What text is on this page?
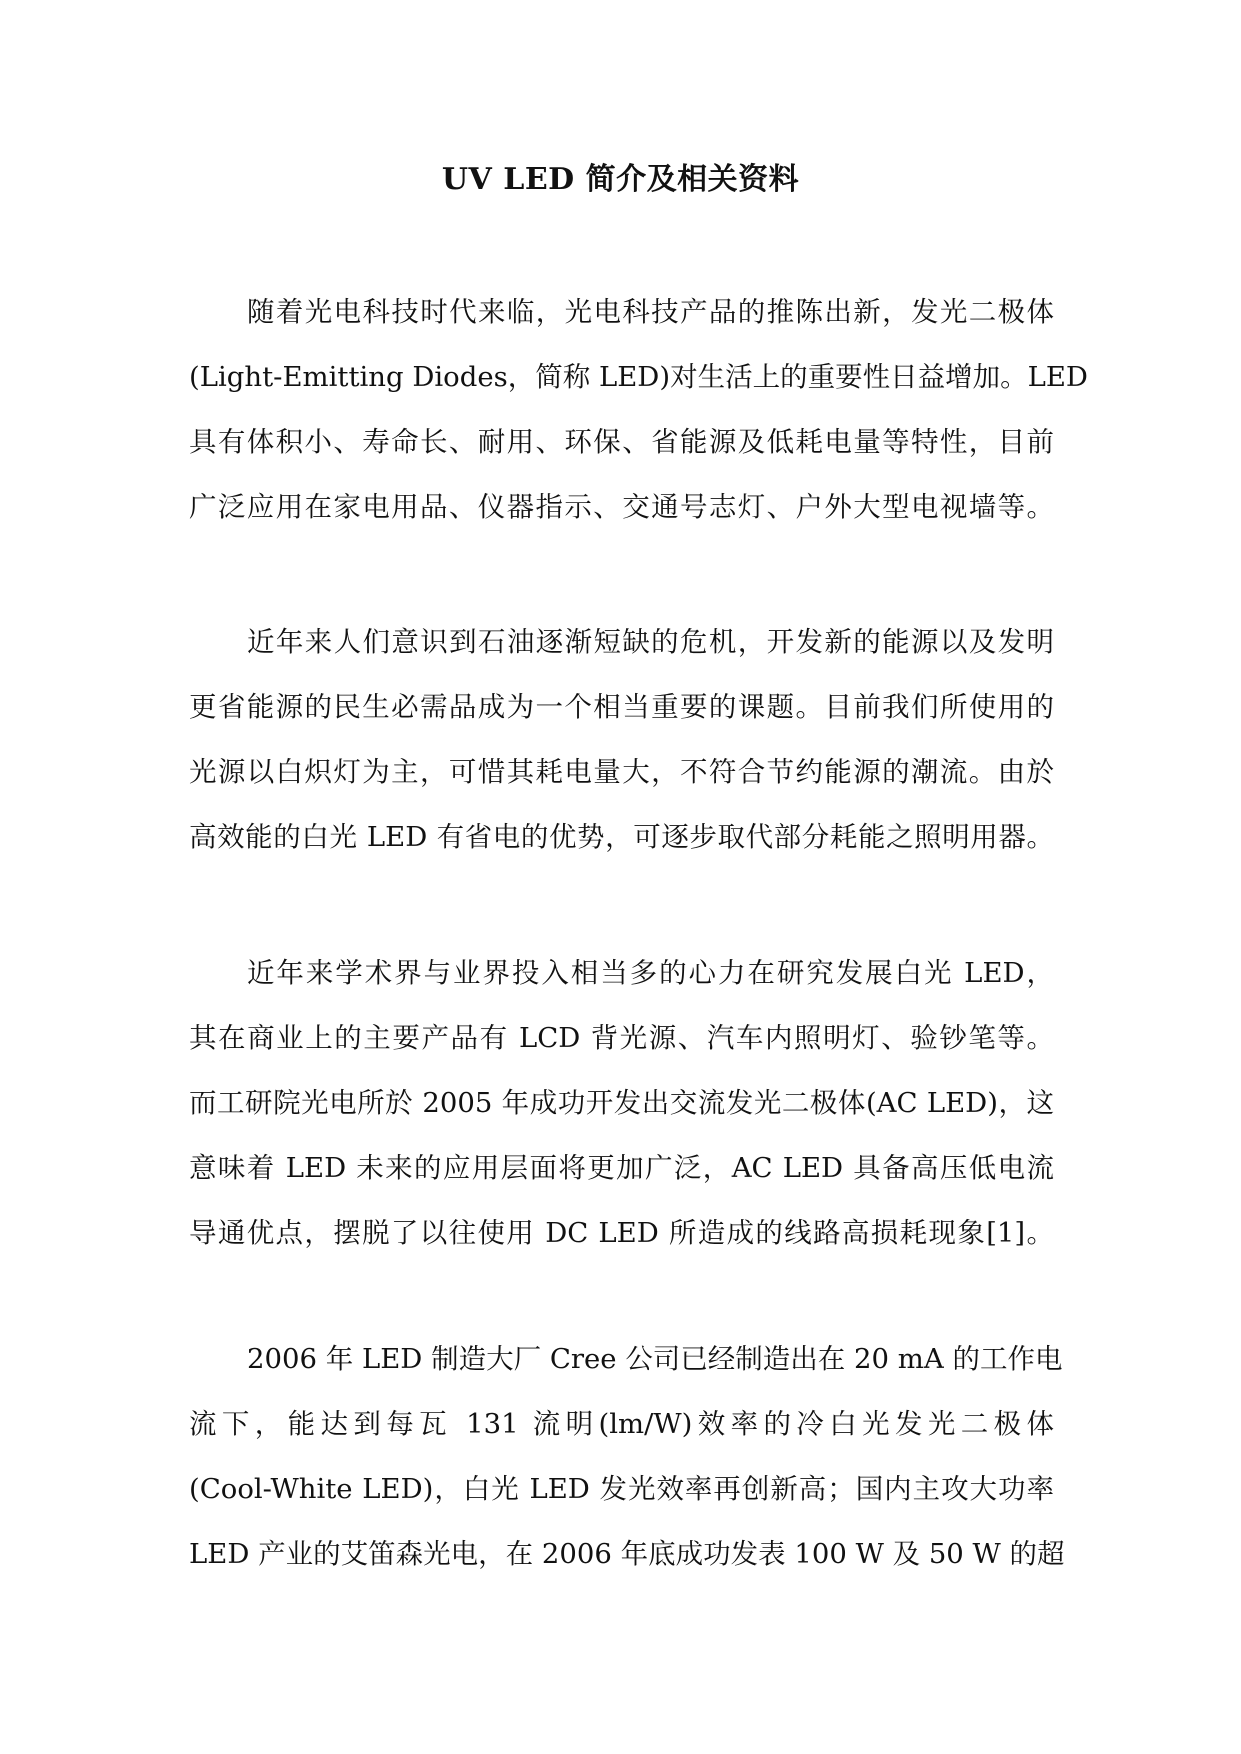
UV LED 简介及相关资料
随着光电科技时代来临，光电科技产品的推陈出新，发光二极体
(Light-Emitting Diodes，简称 LED)对生活上的重要性日益增加。LED
具有体积小、寿命长、耐用、环保、省能源及低耗电量等特性，目前
广泛应用在家电用品、仪器指示、交通号志灯、户外大型电视墙等。
近年来人们意识到石油逐渐短缺的危机，开发新的能源以及发明
更省能源的民生必需品成为一个相当重要的课题。目前我们所使用的
光源以白炽灯为主，可惜其耗电量大，不符合节约能源的潮流。由於
高效能的白光 LED 有省电的优势，可逐步取代部分耗能之照明用器。
近年来学术界与业界投入相当多的心力在研究发展白光 LED，
其在商业上的主要产品有 LCD 背光源、汽车内照明灯、验钞笔等。
而工研院光电所於 2005 年成功开发出交流发光二极体(AC LED)，这
意味着 LED 未来的应用层面将更加广泛，AC LED 具备高压低电流
导通优点，摆脱了以往使用 DC LED 所造成的线路高损耗现象[1]。
2006 年 LED 制造大厂 Cree 公司已经制造出在 20 mA 的工作电
流下，能达到每瓦 131 流明(lm/W)效率的冷白光发光二极体
(Cool-White LED)，白光 LED 发光效率再创新高；国内主攻大功率
LED 产业的艾笛森光电，在 2006 年底成功发表 100 W 及 50 W 的超
